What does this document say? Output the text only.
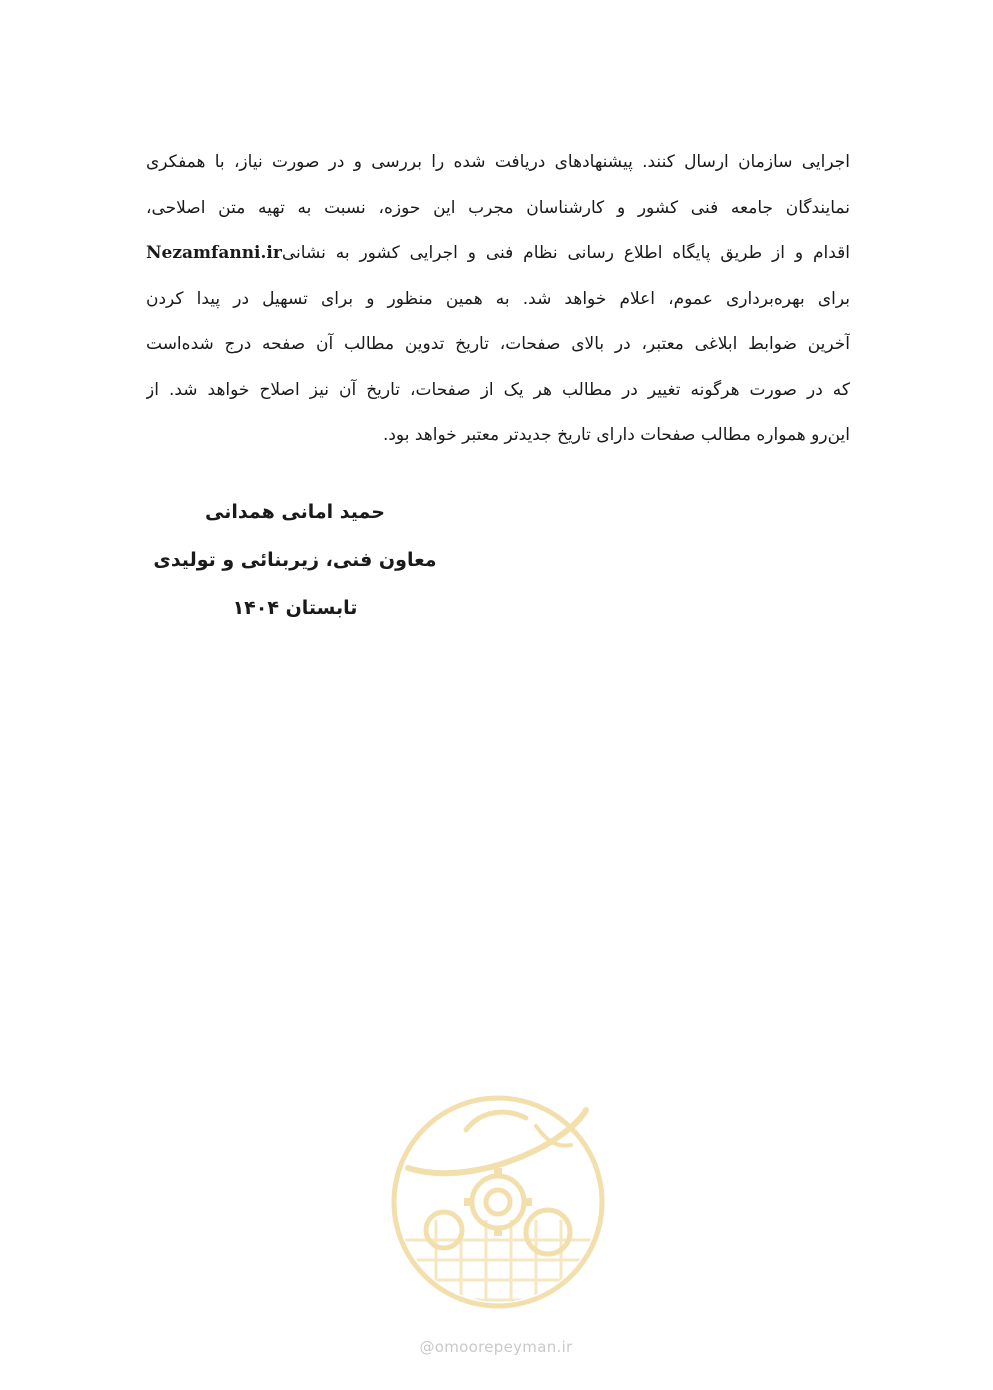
اجرایی سازمان ارسال کنند. پیشنهادهای دریافت شده را بررسی و در صورت نیاز، با همفکری
نمایندگان جامعه فنی کشور و کارشناسان مجرب این حوزه، نسبت به تهیه متن اصلاحی،
اقدام و از طریق پایگاه اطلاع رسانی نظام فنی و اجرایی کشور به نشانیNezamfanni.ir
برای بهره‌برداری عموم، اعلام خواهد شد. به همین منظور و برای تسهیل در پیدا کردن
آخرین ضوابط ابلاغی معتبر، در بالای صفحات، تاریخ تدوین مطالب آن صفحه درج شده‌است
که در صورت هرگونه تغییر در مطالب هر یک از صفحات، تاریخ آن نیز اصلاح خواهد شد. از
این‌رو همواره مطالب صفحات دارای تاریخ جدیدتر معتبر خواهد بود.

حمید امانی همدانی
معاون فنی، زیربنائی و تولیدی
تابستان ۱۴۰۴
@omoorepeyman.ir
